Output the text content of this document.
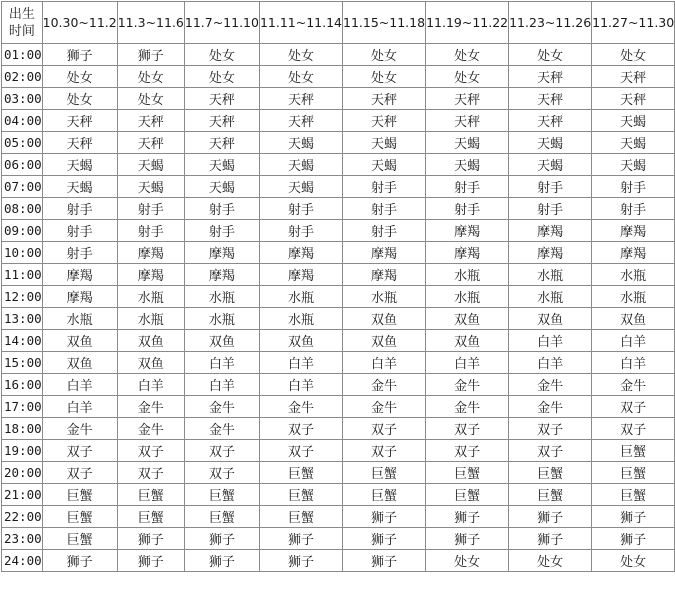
出生
时间	10.30~11.2	11.3~11.6	11.7~11.10	11.11~11.14	11.15~11.18	11.19~11.22	11.23~11.26	11.27~11.30
01:00	狮子	狮子	处女	处女	处女	处女	处女	处女
02:00	处女	处女	处女	处女	处女	处女	天秤	天秤
03:00	处女	处女	天秤	天秤	天秤	天秤	天秤	天秤
04:00	天秤	天秤	天秤	天秤	天秤	天秤	天秤	天蝎
05:00	天秤	天秤	天秤	天蝎	天蝎	天蝎	天蝎	天蝎
06:00	天蝎	天蝎	天蝎	天蝎	天蝎	天蝎	天蝎	天蝎
07:00	天蝎	天蝎	天蝎	天蝎	射手	射手	射手	射手
08:00	射手	射手	射手	射手	射手	射手	射手	射手
09:00	射手	射手	射手	射手	射手	摩羯	摩羯	摩羯
10:00	射手	摩羯	摩羯	摩羯	摩羯	摩羯	摩羯	摩羯
11:00	摩羯	摩羯	摩羯	摩羯	摩羯	水瓶	水瓶	水瓶
12:00	摩羯	水瓶	水瓶	水瓶	水瓶	水瓶	水瓶	水瓶
13:00	水瓶	水瓶	水瓶	水瓶	双鱼	双鱼	双鱼	双鱼
14:00	双鱼	双鱼	双鱼	双鱼	双鱼	双鱼	白羊	白羊
15:00	双鱼	双鱼	白羊	白羊	白羊	白羊	白羊	白羊
16:00	白羊	白羊	白羊	白羊	金牛	金牛	金牛	金牛
17:00	白羊	金牛	金牛	金牛	金牛	金牛	金牛	双子
18:00	金牛	金牛	金牛	双子	双子	双子	双子	双子
19:00	双子	双子	双子	双子	双子	双子	双子	巨蟹
20:00	双子	双子	双子	巨蟹	巨蟹	巨蟹	巨蟹	巨蟹
21:00	巨蟹	巨蟹	巨蟹	巨蟹	巨蟹	巨蟹	巨蟹	巨蟹
22:00	巨蟹	巨蟹	巨蟹	巨蟹	狮子	狮子	狮子	狮子
23:00	巨蟹	狮子	狮子	狮子	狮子	狮子	狮子	狮子
24:00	狮子	狮子	狮子	狮子	狮子	处女	处女	处女
